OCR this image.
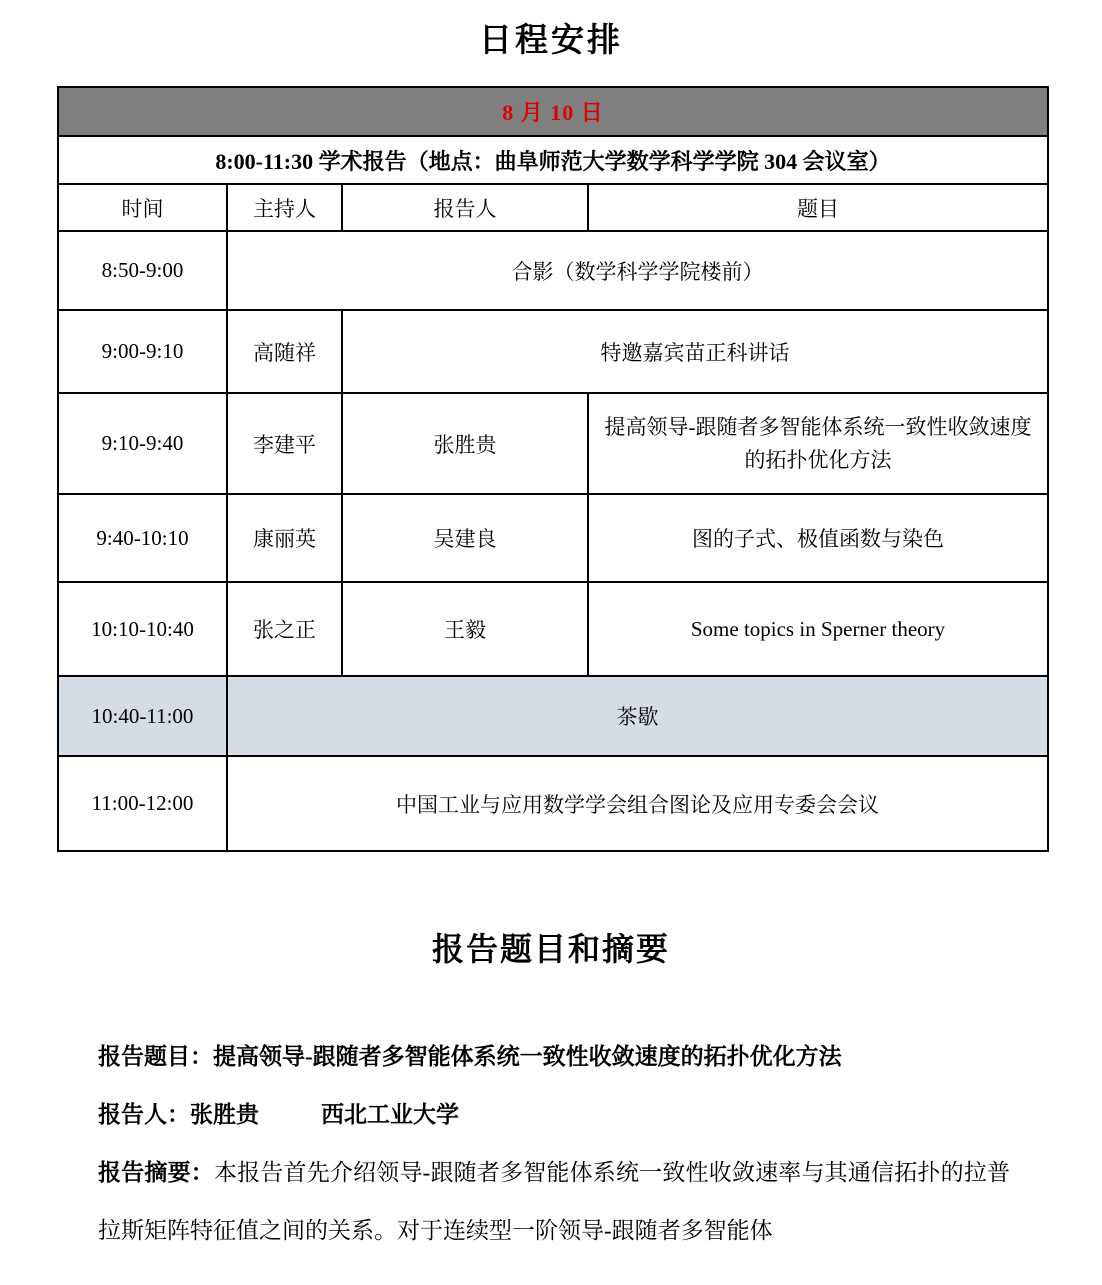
日程安排
8 月 10 日			
8:00-11:30 学术报告（地点：曲阜师范大学数学科学学院 304 会议室）			
时间	主持人	报告人	题目
8:50-9:00	合影（数学科学学院楼前）		
9:00-9:10	高随祥	特邀嘉宾苗正科讲话	
9:10-9:40	李建平	张胜贵	提高领导-跟随者多智能体系统一致性收敛速度的拓扑优化方法
9:40-10:10	康丽英	吴建良	图的子式、极值函数与染色
10:10-10:40	张之正	王毅	Some topics in Sperner theory
10:40-11:00	茶歇		
11:00-12:00	中国工业与应用数学学会组合图论及应用专委会会议		
报告题目和摘要

报告题目：提高领导-跟随者多智能体系统一致性收敛速度的拓扑优化方法

报告人：张胜贵	西北工业大学

报告摘要：本报告首先介绍领导-跟随者多智能体系统一致性收敛速率与其通信拓扑的拉普拉斯矩阵特征值之间的关系。对于连续型一阶领导-跟随者多智能体
